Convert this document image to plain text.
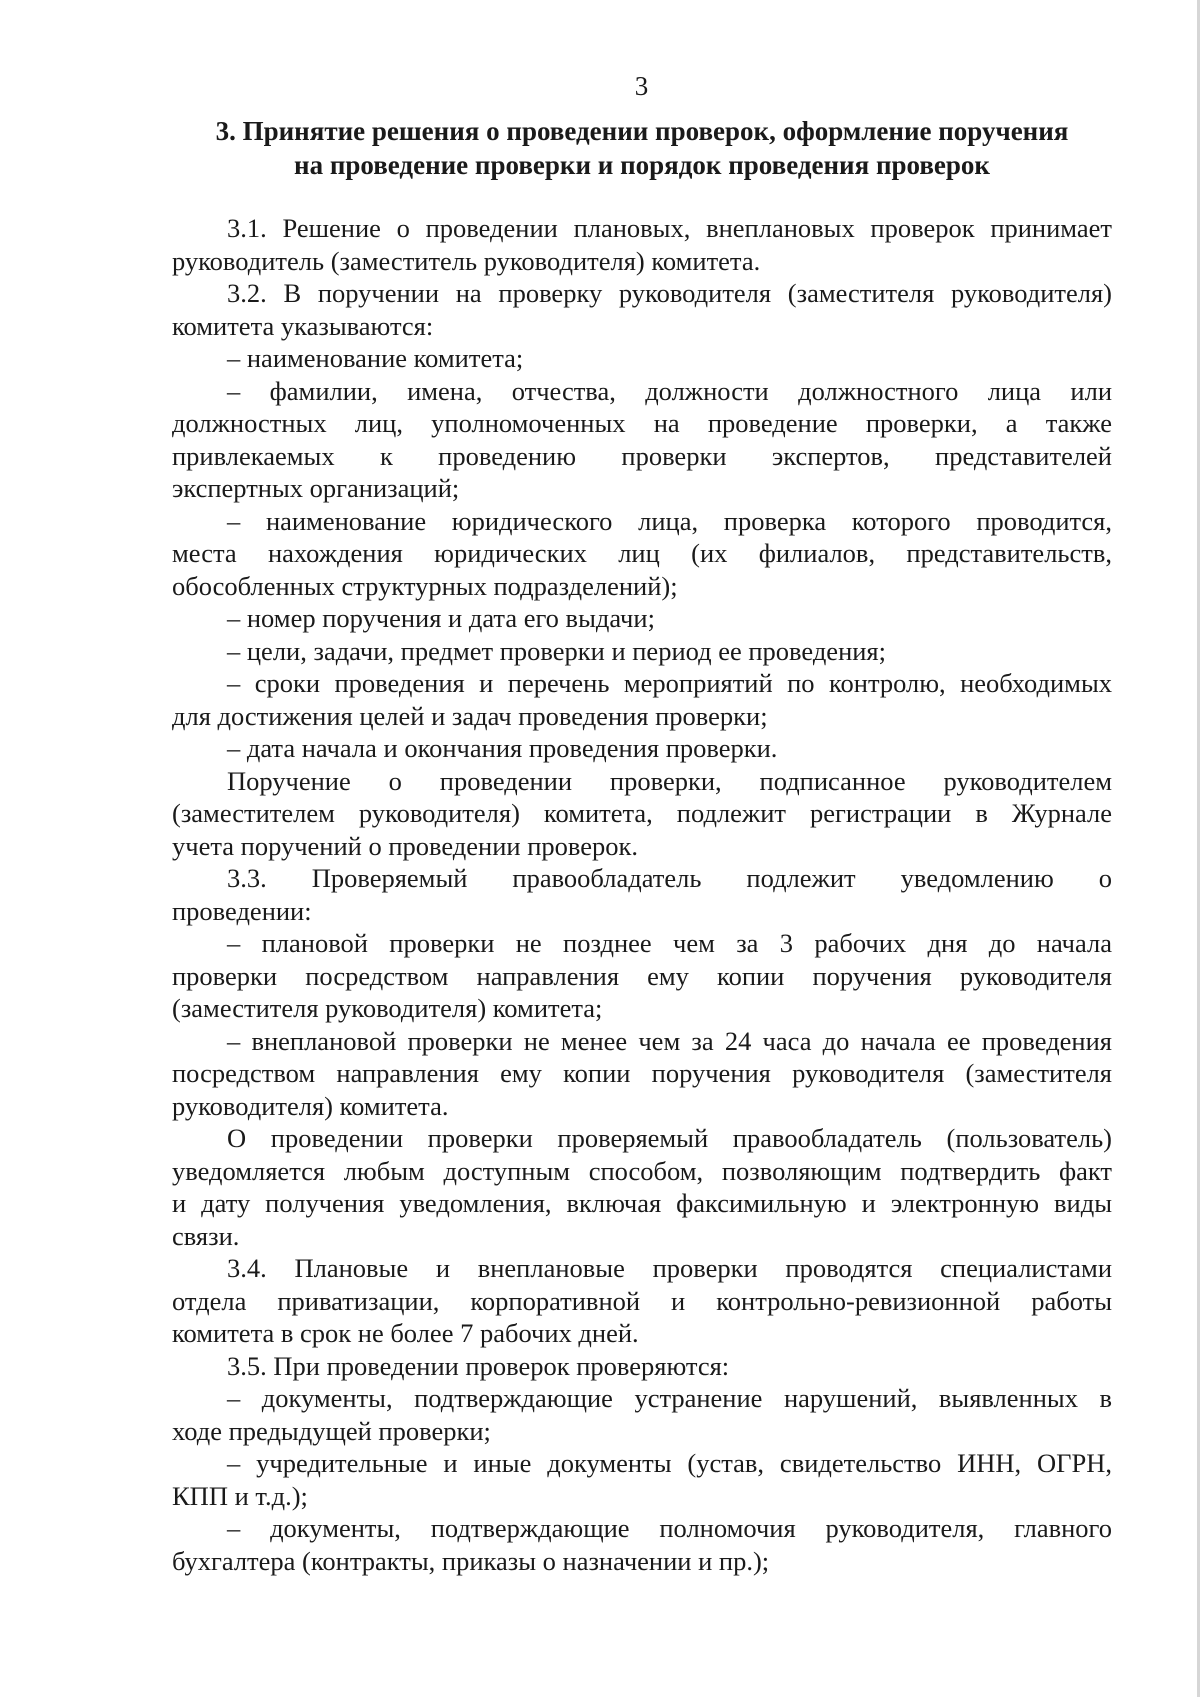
3
3. Принятие решения о проведении проверок, оформление поручения
на проведение проверки и порядок проведения проверок
3.1. Решение о проведении плановых, внеплановых проверок принимает
руководитель (заместитель руководителя) комитета.
3.2. В поручении на проверку руководителя (заместителя руководителя)
комитета указываются:
– наименование комитета;
– фамилии, имена, отчества, должности должностного лица или
должностных лиц, уполномоченных на проведение проверки, а также
привлекаемых к проведению проверки экспертов, представителей
экспертных организаций;
– наименование юридического лица, проверка которого проводится,
места нахождения юридических лиц (их филиалов, представительств,
обособленных структурных подразделений);
– номер поручения и дата его выдачи;
– цели, задачи, предмет проверки и период ее проведения;
– сроки проведения и перечень мероприятий по контролю, необходимых
для достижения целей и задач проведения проверки;
– дата начала и окончания проведения проверки.
Поручение о проведении проверки, подписанное руководителем
(заместителем руководителя) комитета, подлежит регистрации в Журнале
учета поручений о проведении проверок.
3.3. Проверяемый правообладатель подлежит уведомлению о
проведении:
– плановой проверки не позднее чем за 3 рабочих дня до начала
проверки посредством направления ему копии поручения руководителя
(заместителя руководителя) комитета;
– внеплановой проверки не менее чем за 24 часа до начала ее проведения
посредством направления ему копии поручения руководителя (заместителя
руководителя) комитета.
О проведении проверки проверяемый правообладатель (пользователь)
уведомляется любым доступным способом, позволяющим подтвердить факт
и дату получения уведомления, включая факсимильную и электронную виды
связи.
3.4. Плановые и внеплановые проверки проводятся специалистами
отдела приватизации, корпоративной и контрольно-ревизионной работы
комитета в срок не более 7 рабочих дней.
3.5. При проведении проверок проверяются:
– документы, подтверждающие устранение нарушений, выявленных в
ходе предыдущей проверки;
– учредительные и иные документы (устав, свидетельство ИНН, ОГРН,
КПП и т.д.);
– документы, подтверждающие полномочия руководителя, главного
бухгалтера (контракты, приказы о назначении и пр.);
